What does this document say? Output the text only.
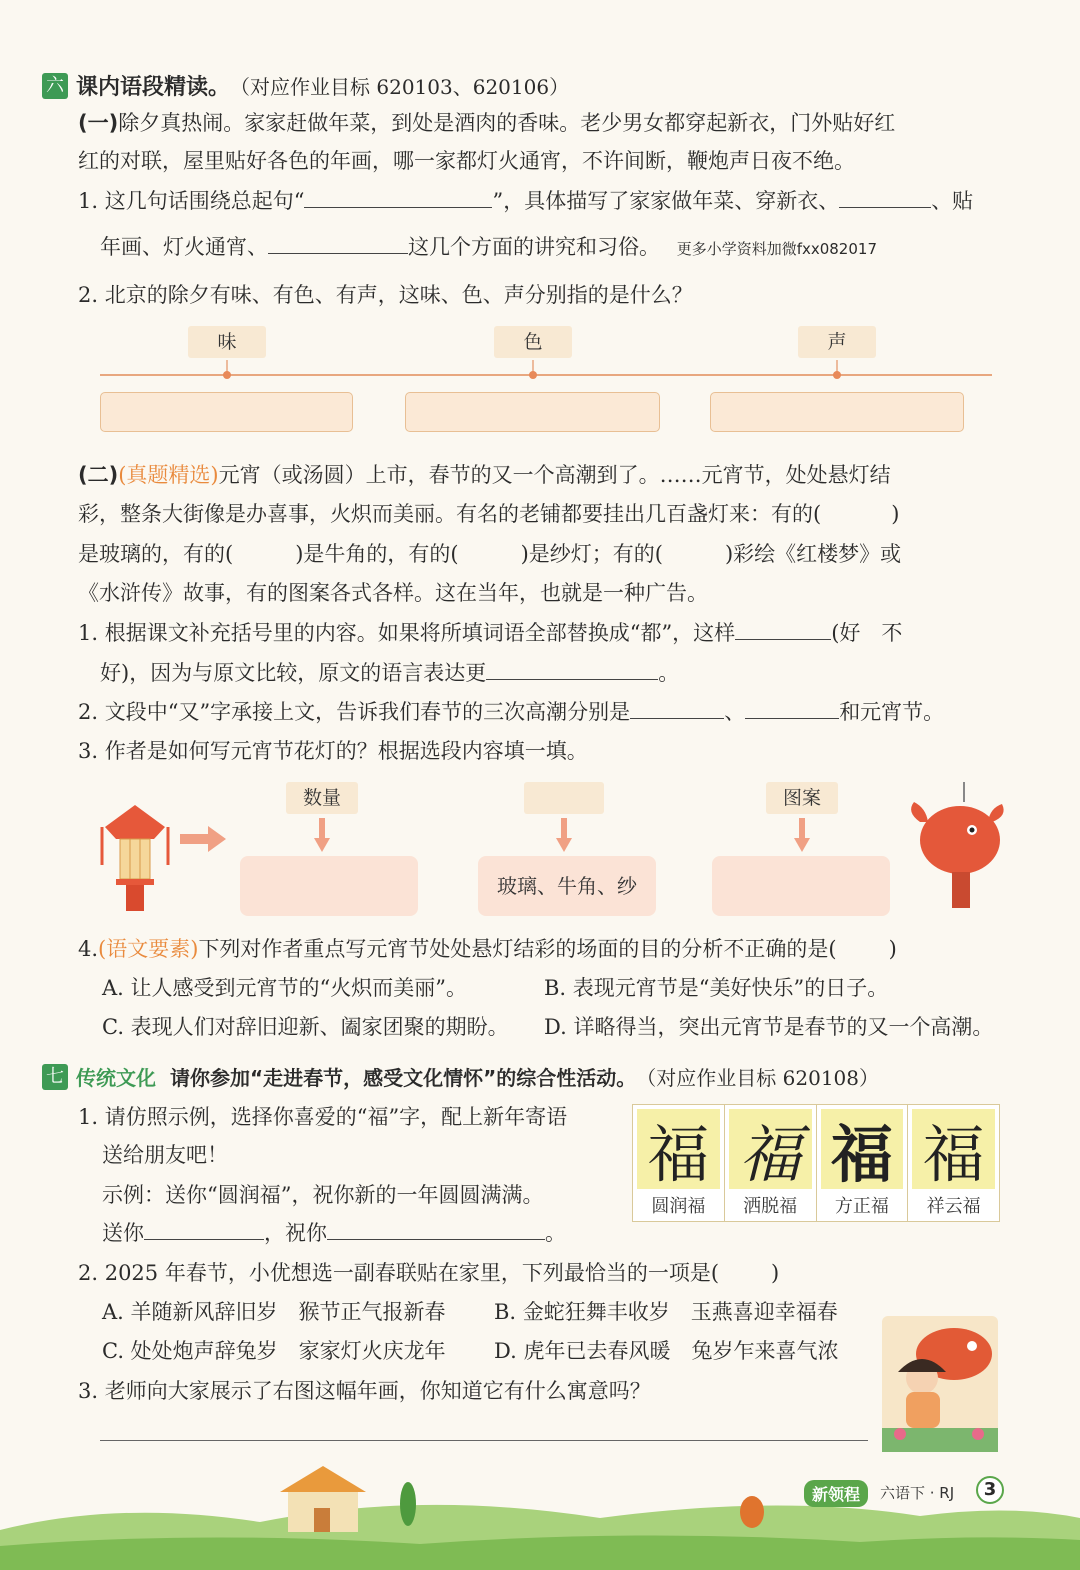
六 课内语段精读。 （对应作业目标 620103、620106）
(一)除夕真热闹。家家赶做年菜，到处是酒肉的香味。老少男女都穿起新衣，门外贴好红
红的对联，屋里贴好各色的年画，哪一家都灯火通宵，不许间断，鞭炮声日夜不绝。
1. 这几句话围绕总起句“	”，具体描写了家家做年菜、穿新衣、	、贴
年画、灯火通宵、	这几个方面的讲究和习俗。 更多小学资料加微fxx082017
2. 北京的除夕有味、有色、有声，这味、色、声分别指的是什么？
味	色	声
(二)(真题精选)元宵（或汤圆）上市，春节的又一个高潮到了。……元宵节，处处悬灯结
彩，整条大街像是办喜事，火炽而美丽。有名的老铺都要挂出几百盏灯来：有的(	)
是玻璃的，有的(	)是牛角的，有的(	)是纱灯；有的(	)彩绘《红楼梦》或
《水浒传》故事，有的图案各式各样。这在当年，也就是一种广告。
1. 根据课文补充括号里的内容。如果将所填词语全部替换成“都”，这样	(好　不
好)，因为与原文比较，原文的语言表达更	。
2. 文段中“又”字承接上文，告诉我们春节的三次高潮分别是	、	和元宵节。
3. 作者是如何写元宵节花灯的？根据选段内容填一填。
数量	图案
玻璃、牛角、纱
4.(语文要素)下列对作者重点写元宵节处处悬灯结彩的场面的目的分析不正确的是( )
A. 让人感受到元宵节的“火炽而美丽”。	B. 表现元宵节是“美好快乐”的日子。
C. 表现人们对辞旧迎新、阖家团聚的期盼。 D. 详略得当，突出元宵节是春节的又一个高潮。
七 传统文化 请你参加“走进春节，感受文化情怀”的综合性活动。 （对应作业目标 620108）
1. 请仿照示例，选择你喜爱的“福”字，配上新年寄语
送给朋友吧！
示例：送你“圆润福”，祝你新的一年圆圆满满。
送你	，祝你	。
福
圆润福
福
洒脱福
福
方正福
福
祥云福
2. 2025 年春节，小优想选一副春联贴在家里，下列最恰当的一项是( )
A. 羊随新风辞旧岁　猴节正气报新春 B. 金蛇狂舞丰收岁　玉燕喜迎幸福春
C. 处处炮声辞兔岁　家家灯火庆龙年 D. 虎年已去春风暖　兔岁乍来喜气浓
3. 老师向大家展示了右图这幅年画，你知道它有什么寓意吗？
新领程	六语下 · RJ	3
